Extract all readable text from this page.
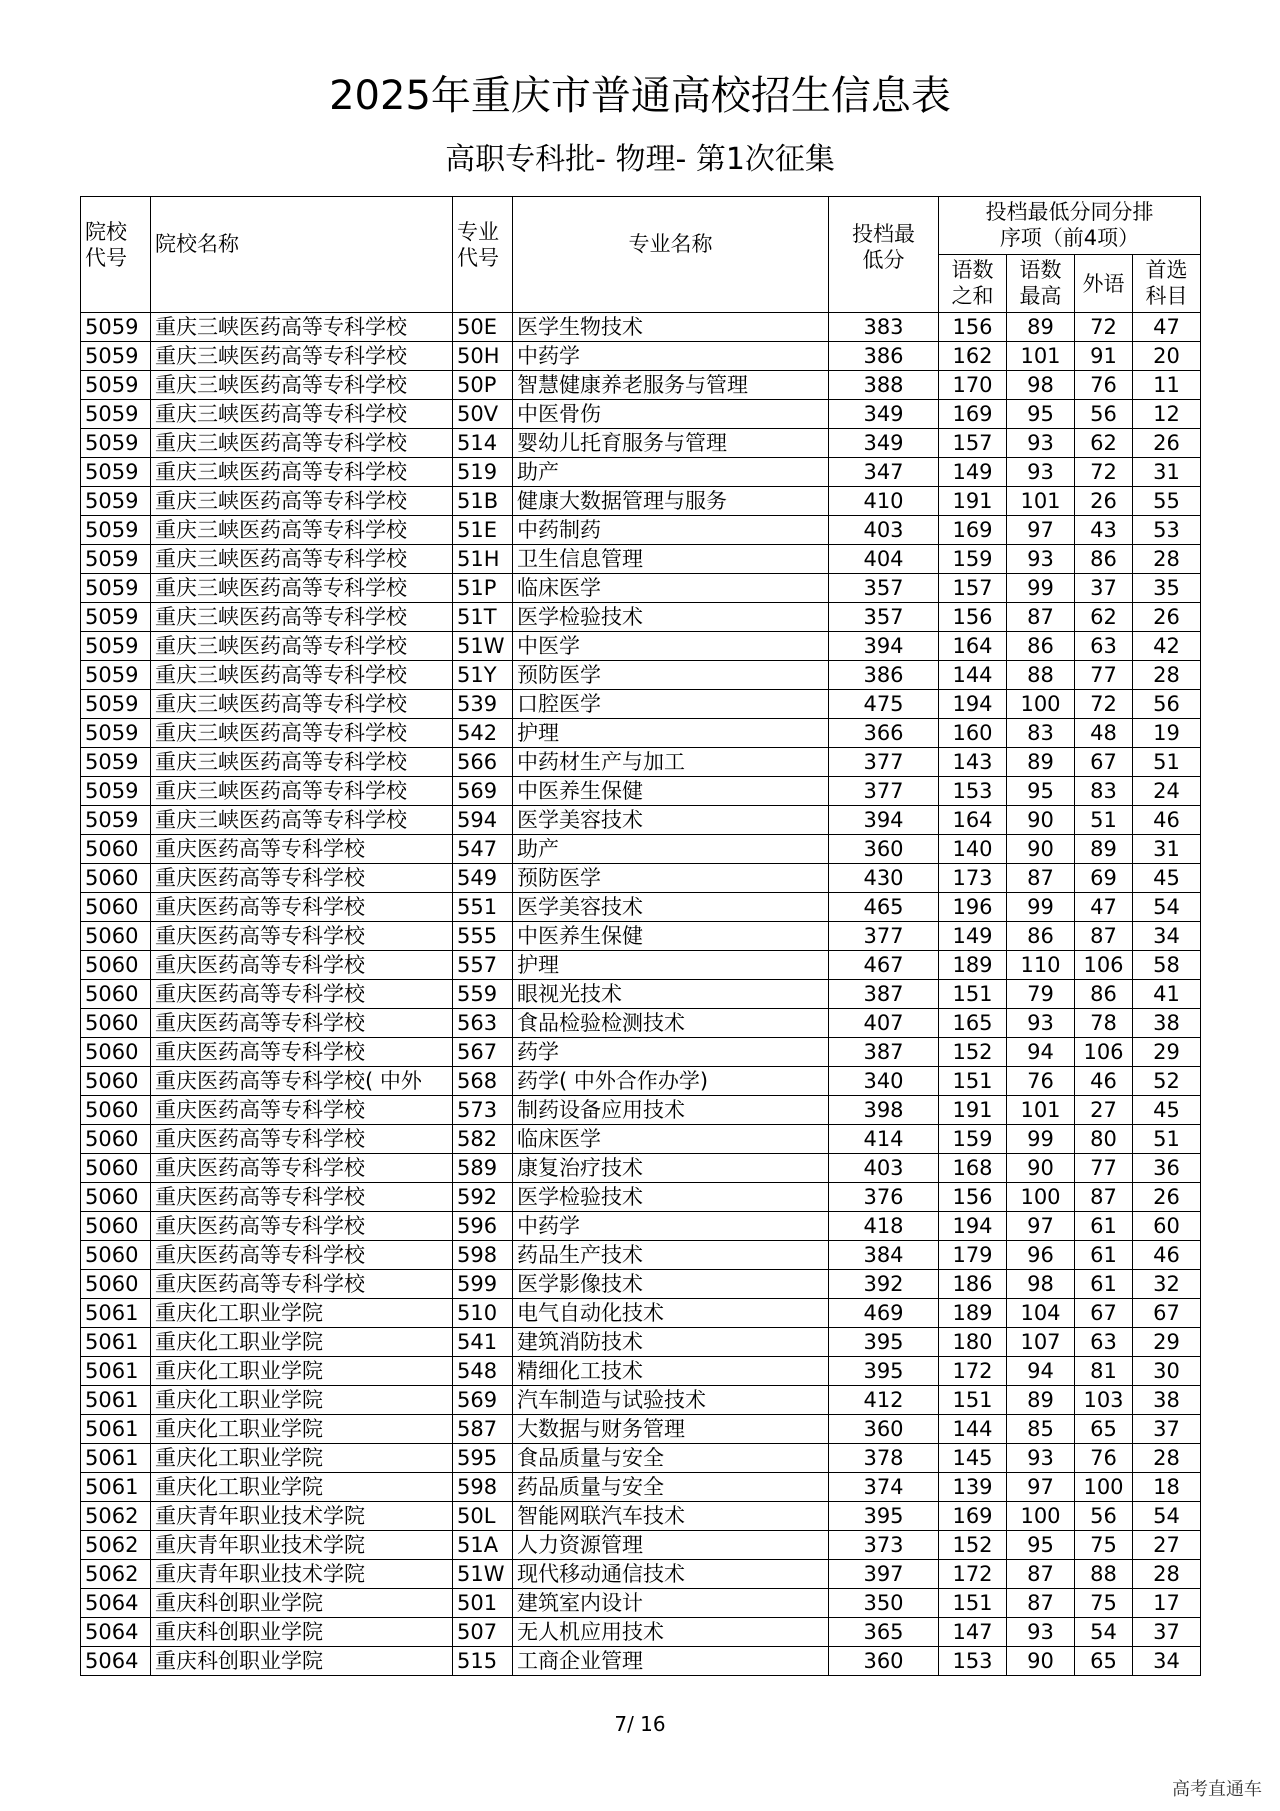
2025年重庆市普通高校招生信息表
高职专科批- 物理- 第1次征集
院校代号	院校名称	专业代号	专业名称	投档最低分	投档最低分同分排序项（前4项）			
					语数之和	语数最高	外语	首选科目
5059	重庆三峡医药高等专科学校	50E	医学生物技术	383	156	89	72	47
5059	重庆三峡医药高等专科学校	50H	中药学	386	162	101	91	20
5059	重庆三峡医药高等专科学校	50P	智慧健康养老服务与管理	388	170	98	76	11
5059	重庆三峡医药高等专科学校	50V	中医骨伤	349	169	95	56	12
5059	重庆三峡医药高等专科学校	514	婴幼儿托育服务与管理	349	157	93	62	26
5059	重庆三峡医药高等专科学校	519	助产	347	149	93	72	31
5059	重庆三峡医药高等专科学校	51B	健康大数据管理与服务	410	191	101	26	55
5059	重庆三峡医药高等专科学校	51E	中药制药	403	169	97	43	53
5059	重庆三峡医药高等专科学校	51H	卫生信息管理	404	159	93	86	28
5059	重庆三峡医药高等专科学校	51P	临床医学	357	157	99	37	35
5059	重庆三峡医药高等专科学校	51T	医学检验技术	357	156	87	62	26
5059	重庆三峡医药高等专科学校	51W	中医学	394	164	86	63	42
5059	重庆三峡医药高等专科学校	51Y	预防医学	386	144	88	77	28
5059	重庆三峡医药高等专科学校	539	口腔医学	475	194	100	72	56
5059	重庆三峡医药高等专科学校	542	护理	366	160	83	48	19
5059	重庆三峡医药高等专科学校	566	中药材生产与加工	377	143	89	67	51
5059	重庆三峡医药高等专科学校	569	中医养生保健	377	153	95	83	24
5059	重庆三峡医药高等专科学校	594	医学美容技术	394	164	90	51	46
5060	重庆医药高等专科学校	547	助产	360	140	90	89	31
5060	重庆医药高等专科学校	549	预防医学	430	173	87	69	45
5060	重庆医药高等专科学校	551	医学美容技术	465	196	99	47	54
5060	重庆医药高等专科学校	555	中医养生保健	377	149	86	87	34
5060	重庆医药高等专科学校	557	护理	467	189	110	106	58
5060	重庆医药高等专科学校	559	眼视光技术	387	151	79	86	41
5060	重庆医药高等专科学校	563	食品检验检测技术	407	165	93	78	38
5060	重庆医药高等专科学校	567	药学	387	152	94	106	29
5060	重庆医药高等专科学校( 中外	568	药学( 中外合作办学)	340	151	76	46	52
5060	重庆医药高等专科学校	573	制药设备应用技术	398	191	101	27	45
5060	重庆医药高等专科学校	582	临床医学	414	159	99	80	51
5060	重庆医药高等专科学校	589	康复治疗技术	403	168	90	77	36
5060	重庆医药高等专科学校	592	医学检验技术	376	156	100	87	26
5060	重庆医药高等专科学校	596	中药学	418	194	97	61	60
5060	重庆医药高等专科学校	598	药品生产技术	384	179	96	61	46
5060	重庆医药高等专科学校	599	医学影像技术	392	186	98	61	32
5061	重庆化工职业学院	510	电气自动化技术	469	189	104	67	67
5061	重庆化工职业学院	541	建筑消防技术	395	180	107	63	29
5061	重庆化工职业学院	548	精细化工技术	395	172	94	81	30
5061	重庆化工职业学院	569	汽车制造与试验技术	412	151	89	103	38
5061	重庆化工职业学院	587	大数据与财务管理	360	144	85	65	37
5061	重庆化工职业学院	595	食品质量与安全	378	145	93	76	28
5061	重庆化工职业学院	598	药品质量与安全	374	139	97	100	18
5062	重庆青年职业技术学院	50L	智能网联汽车技术	395	169	100	56	54
5062	重庆青年职业技术学院	51A	人力资源管理	373	152	95	75	27
5062	重庆青年职业技术学院	51W	现代移动通信技术	397	172	87	88	28
5064	重庆科创职业学院	501	建筑室内设计	350	151	87	75	17
5064	重庆科创职业学院	507	无人机应用技术	365	147	93	54	37
5064	重庆科创职业学院	515	工商企业管理	360	153	90	65	34
7/ 16
高考直通车
